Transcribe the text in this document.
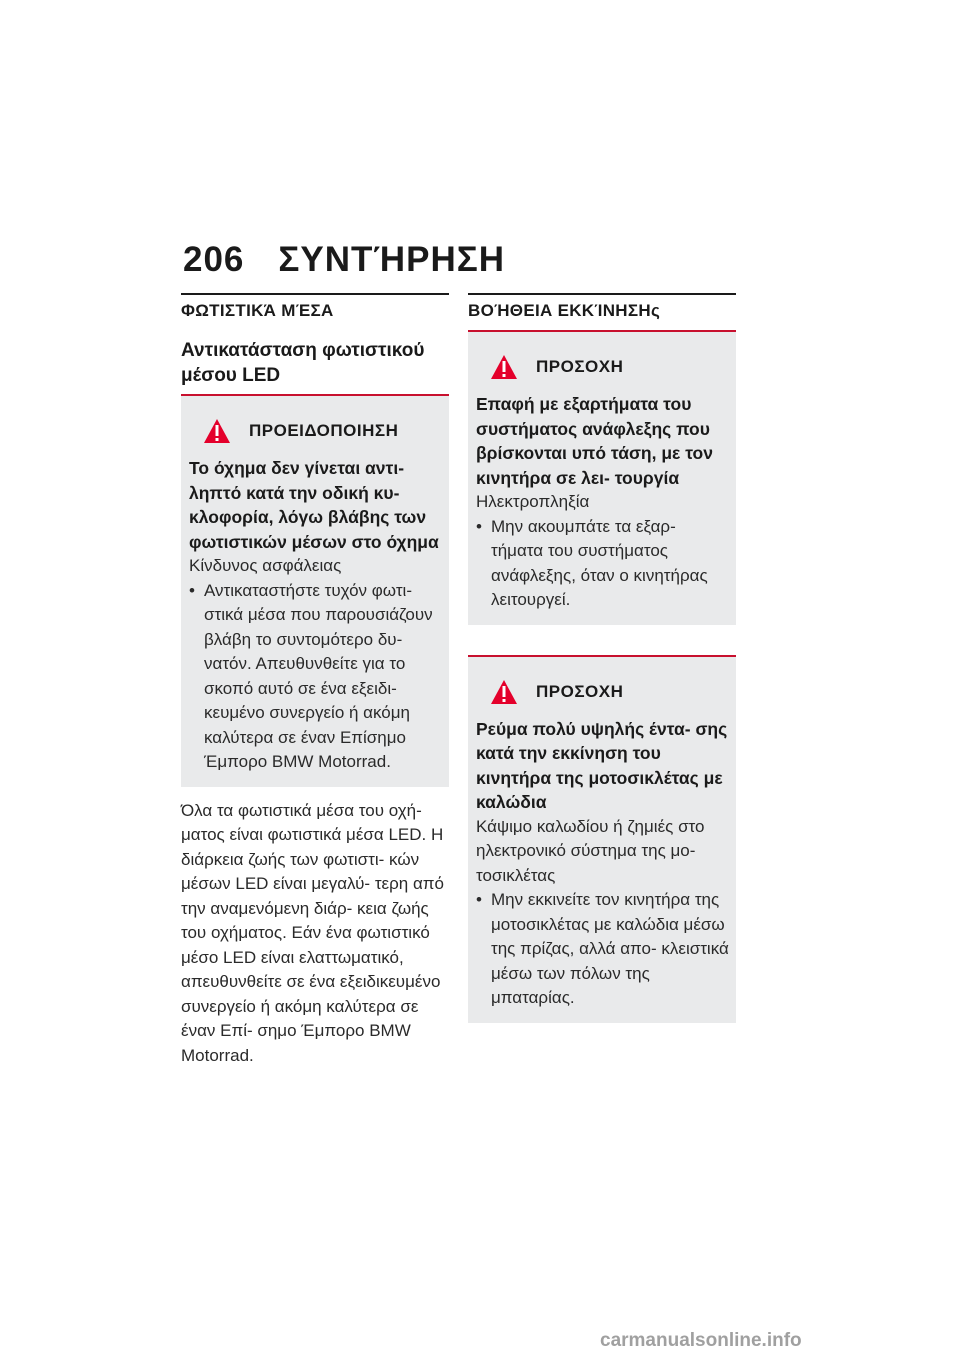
206 ΣΥΝΤΉΡΗΣΗ
ΦΩΤΙΣΤΙΚΆ ΜΈΣΑ
Αντικατάσταση φωτιστικού μέσου LED
ΠΡΟΕΙΔΟΠΟΙΗΣΗ
Το όχημα δεν γίνεται αντι- ληπτό κατά την οδική κυ- κλοφορία, λόγω βλάβης των φωτιστικών μέσων στο όχημα
Κίνδυνος ασφάλειας
• Αντικαταστήστε τυχόν φωτι- στικά μέσα που παρουσιάζουν βλάβη το συντομότερο δυ- νατόν. Απευθυνθείτε για το σκοπό αυτό σε ένα εξειδι- κευμένο συνεργείο ή ακόμη καλύτερα σε έναν Επίσημο Έμπορο BMW Motorrad.
Όλα τα φωτιστικά μέσα του οχή- ματος είναι φωτιστικά μέσα LED. Η διάρκεια ζωής των φωτιστι- κών μέσων LED είναι μεγαλύ- τερη από την αναμενόμενη διάρ- κεια ζωής του οχήματος. Εάν ένα φωτιστικό μέσο LED είναι ελαττωματικό, απευθυνθείτε σε ένα εξειδικευμένο συνεργείο ή ακόμη καλύτερα σε έναν Επί- σημο Έμπορο BMW Motorrad.
ΒΟΉΘΕΙΑ ΕΚΚΊΝΗΣΗς
ΠΡΟΣΟΧΗ
Επαφή με εξαρτήματα του συστήματος ανάφλεξης που βρίσκονται υπό τάση, με τον κινητήρα σε λει- τουργία
Ηλεκτροπληξία
• Μην ακουμπάτε τα εξαρ- τήματα του συστήματος ανάφλεξης, όταν ο κινητήρας λειτουργεί.
ΠΡΟΣΟΧΗ
Ρεύμα πολύ υψηλής έντα- σης κατά την εκκίνηση του κινητήρα της μοτοσικλέτας με καλώδια
Κάψιμο καλωδίου ή ζημιές στο ηλεκτρονικό σύστημα της μο- τοσικλέτας
• Μην εκκινείτε τον κινητήρα της μοτοσικλέτας με καλώδια μέσω της πρίζας, αλλά απο- κλειστικά μέσω των πόλων της μπαταρίας.
carmanualsonline.info
